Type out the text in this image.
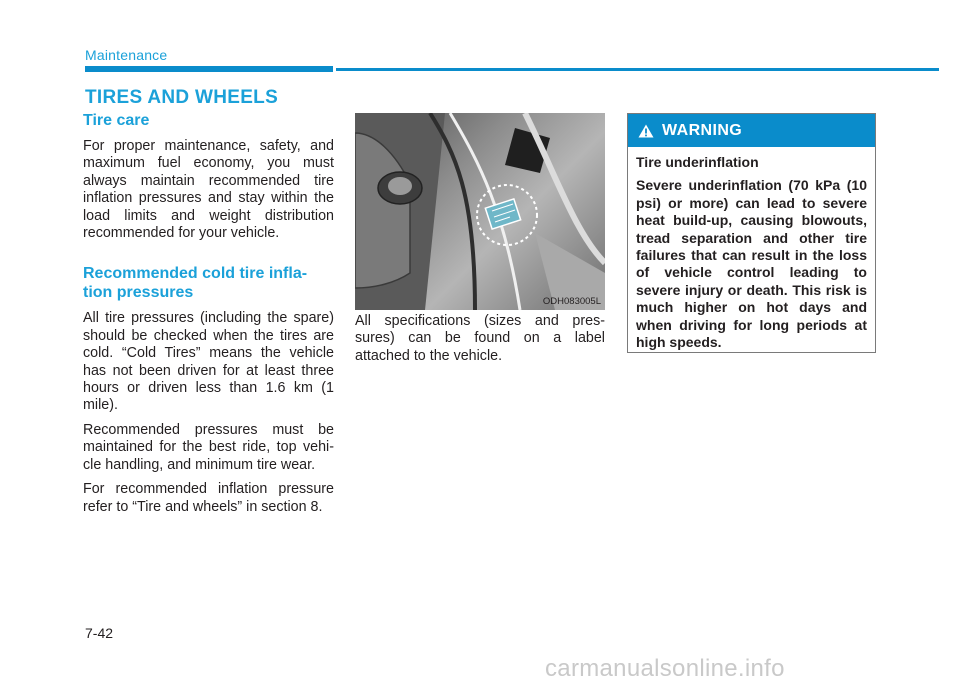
Maintenance
TIRES AND WHEELS
Tire care

For proper maintenance, safety, and maximum fuel economy, you must always maintain recommended tire inflation pressures and stay within the load limits and weight distribution recommended for your vehicle.

Recommended cold tire infla-tion pressures

All tire pressures (including the spare) should be checked when the tires are cold. “Cold Tires” means the vehicle has not been driven for at least three hours or driven less than 1.6 km (1 mile).

Recommended pressures must be maintained for the best ride, top vehi-cle handling, and minimum tire wear.

For recommended inflation pressure refer to “Tire and wheels” in section 8.

ODH083005L

All specifications (sizes and pres-sures) can be found on a label attached to the vehicle.

WARNING

Tire underinflation

Severe underinflation (70 kPa (10 psi) or more) can lead to severe heat build-up, causing blowouts, tread separation and other tire failures that can result in the loss of vehicle control leading to severe injury or death. This risk is much higher on hot days and when driving for long periods at high speeds.

7-42
carmanualsonline.info
